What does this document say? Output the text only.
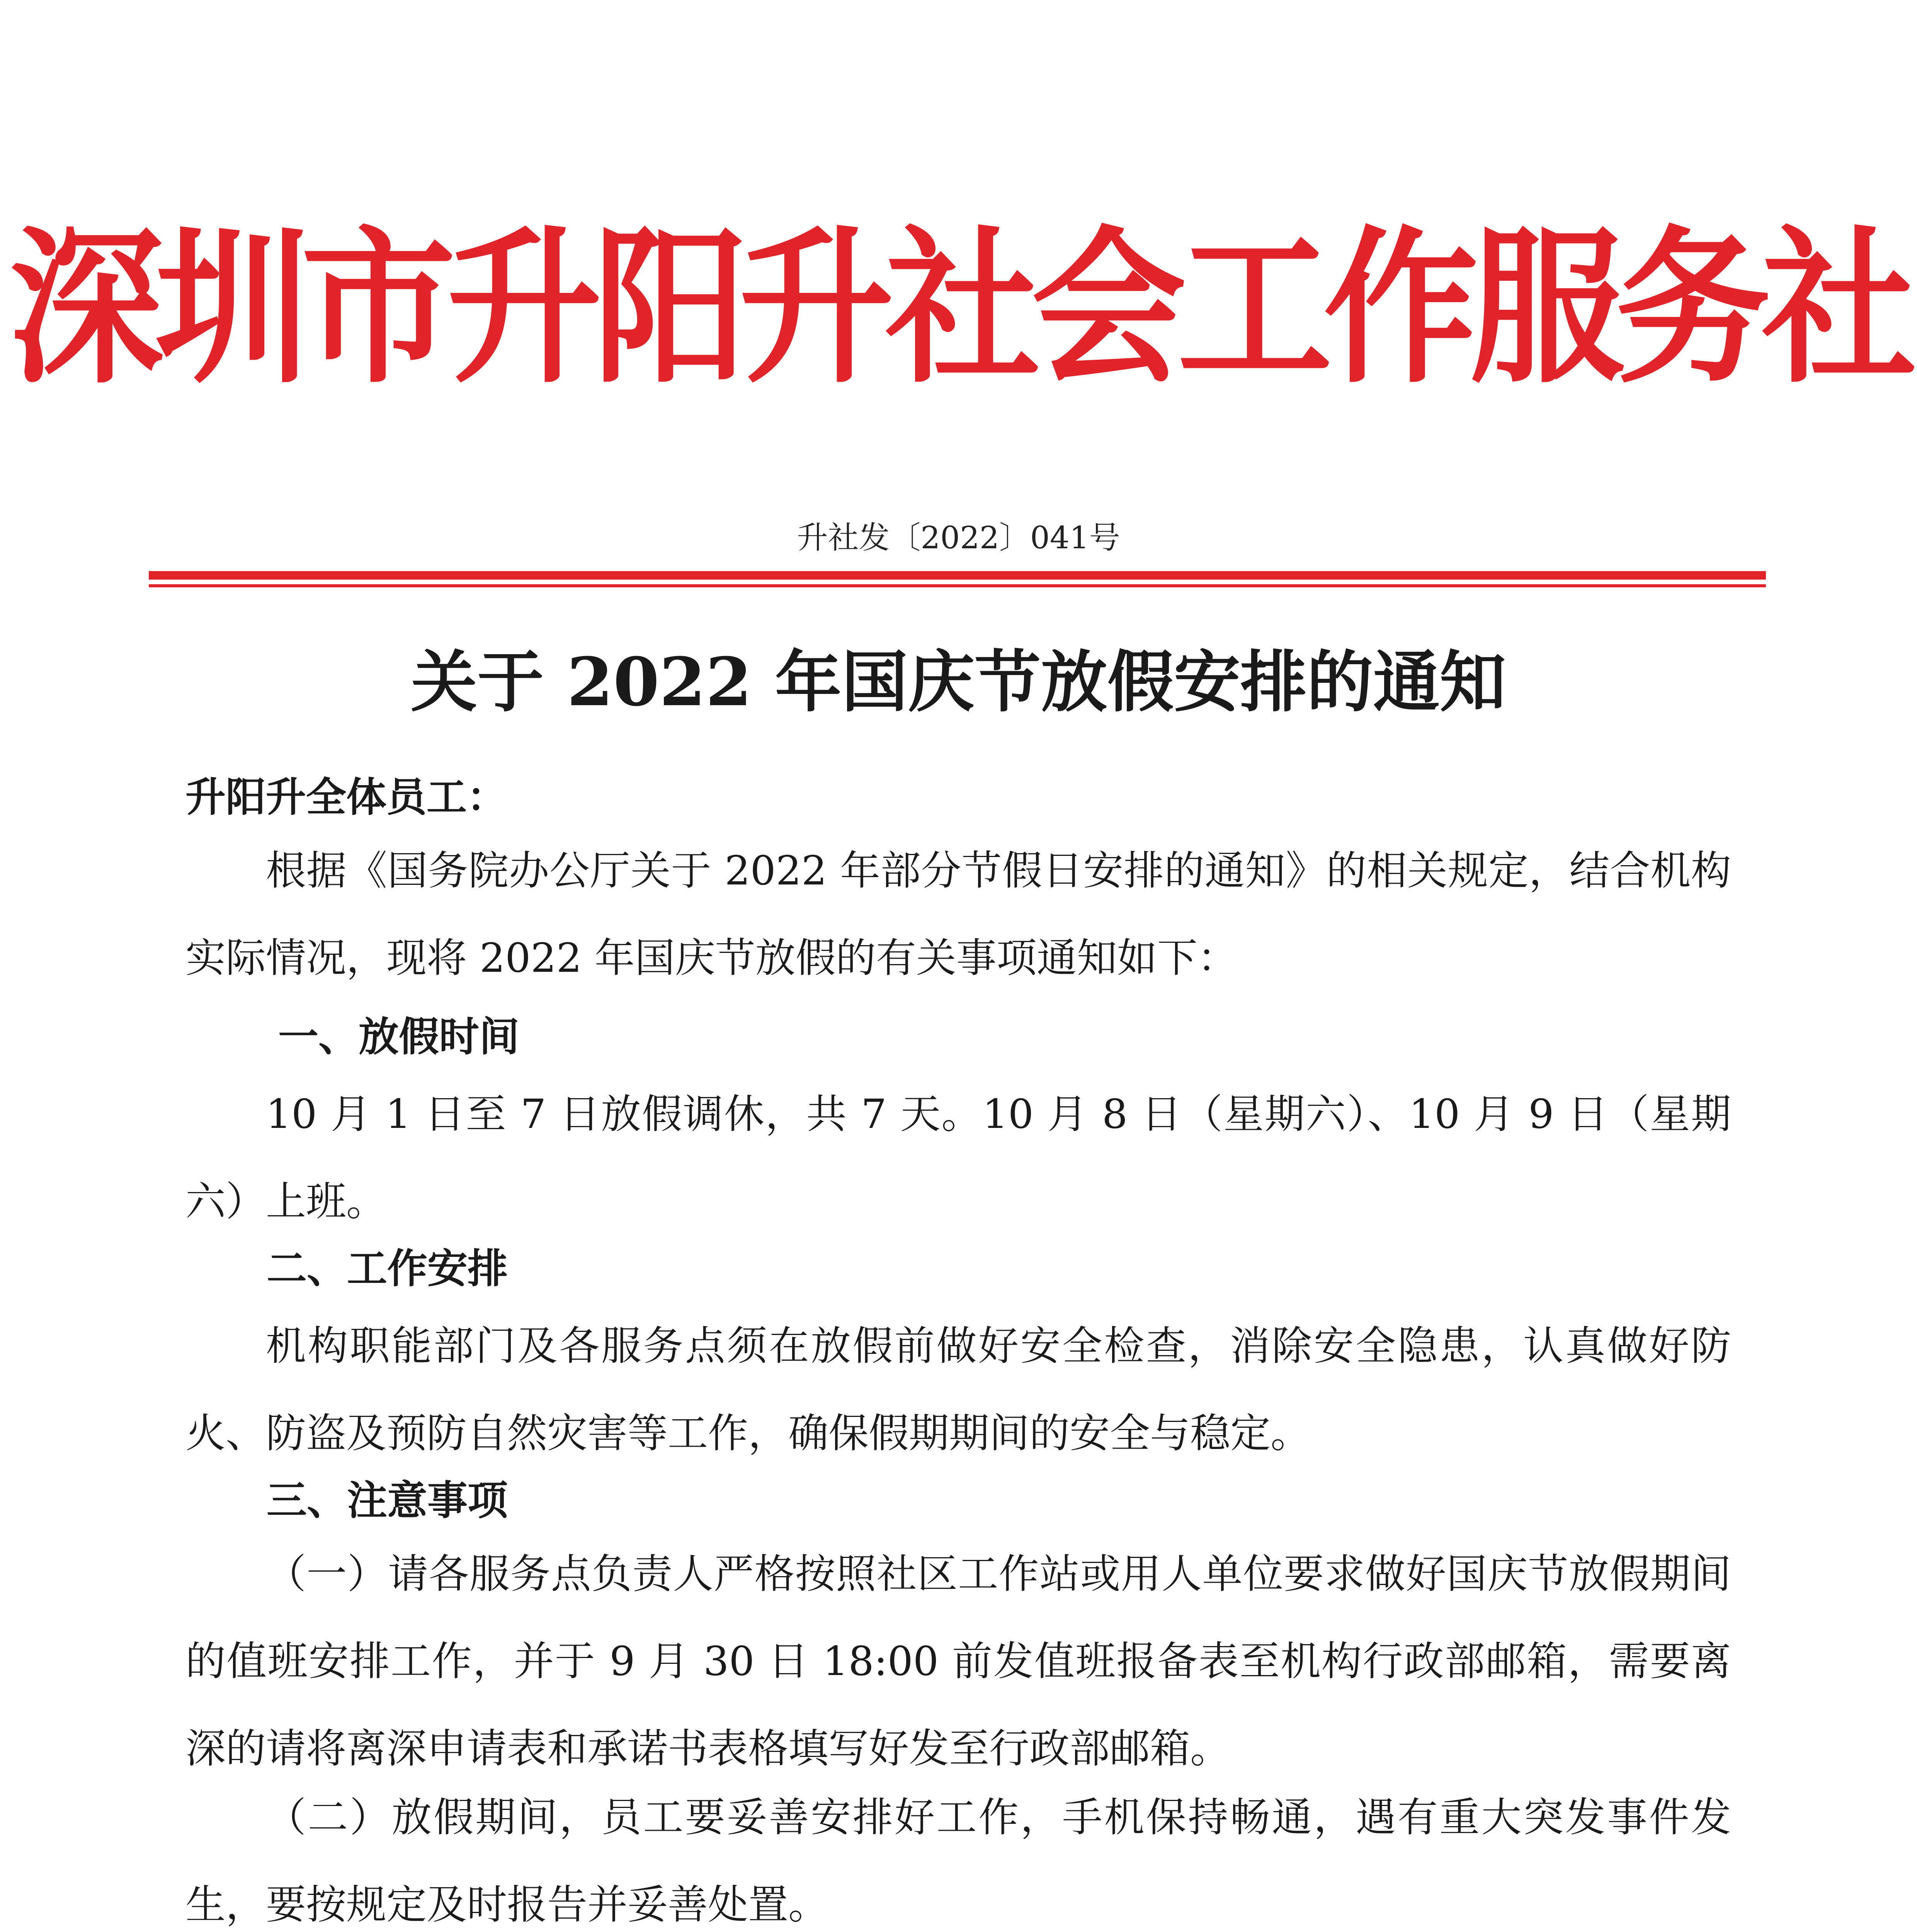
深圳市升阳升社会工作服务社
升社发〔2022〕041号
关于 2022 年国庆节放假安排的通知
升阳升全体员工：
根据《国务院办公厅关于 2022 年部分节假日安排的通知》的相关规定，结合机构实际情况，现将 2022 年国庆节放假的有关事项通知如下：
一、放假时间
10 月 1 日至 7 日放假调休，共 7 天。10 月 8 日（星期六）、10 月 9 日（星期六）上班。
二、工作安排
机构职能部门及各服务点须在放假前做好安全检查，消除安全隐患，认真做好防火、防盗及预防自然灾害等工作，确保假期期间的安全与稳定。
三、注意事项
（一）请各服务点负责人严格按照社区工作站或用人单位要求做好国庆节放假期间的值班安排工作，并于 9 月 30 日 18:00 前发值班报备表至机构行政部邮箱，需要离深的请将离深申请表和承诺书表格填写好发至行政部邮箱。
（二）放假期间，员工要妥善安排好工作，手机保持畅通，遇有重大突发事件发生，要按规定及时报告并妥善处置。
